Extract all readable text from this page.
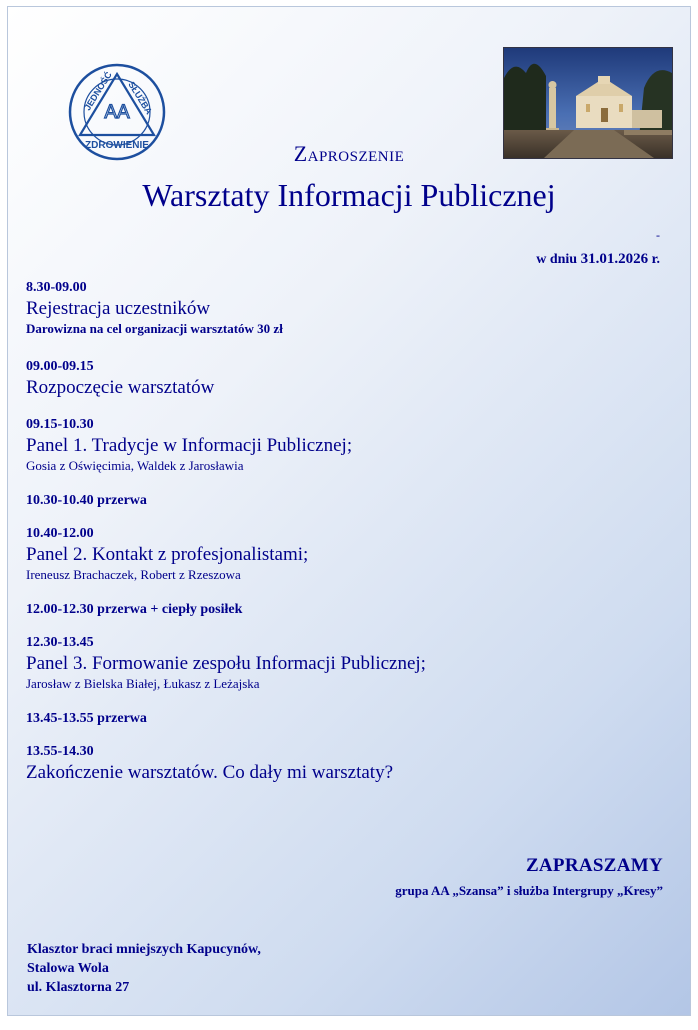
JEDNOŚĆ SŁUŻBA
AA
ZDROWIENIE	Zaproszenie
Warsztaty Informacji Publicznej
-
w dniu 31.01.2026 r.
8.30-09.00
Rejestracja uczestników
Darowizna na cel organizacji warsztatów 30 zł
09.00-09.15
Rozpoczęcie warsztatów
09.15-10.30
Panel 1. Tradycje w Informacji Publicznej;
Gosia z Oświęcimia, Waldek z Jarosławia
10.30-10.40 przerwa
10.40-12.00
Panel 2. Kontakt z profesjonalistami;
Ireneusz Brachaczek, Robert z Rzeszowa
12.00-12.30 przerwa + ciepły posiłek
12.30-13.45
Panel 3. Formowanie zespołu Informacji Publicznej;
Jarosław z Bielska Białej, Łukasz z Leżajska
13.45-13.55 przerwa
13.55-14.30
Zakończenie warsztatów. Co dały mi warsztaty?
ZAPRASZAMY
grupa AA „Szansa” i służba Intergrupy „Kresy”
Klasztor braci mniejszych Kapucynów,
Stalowa Wola
ul. Klasztorna 27
